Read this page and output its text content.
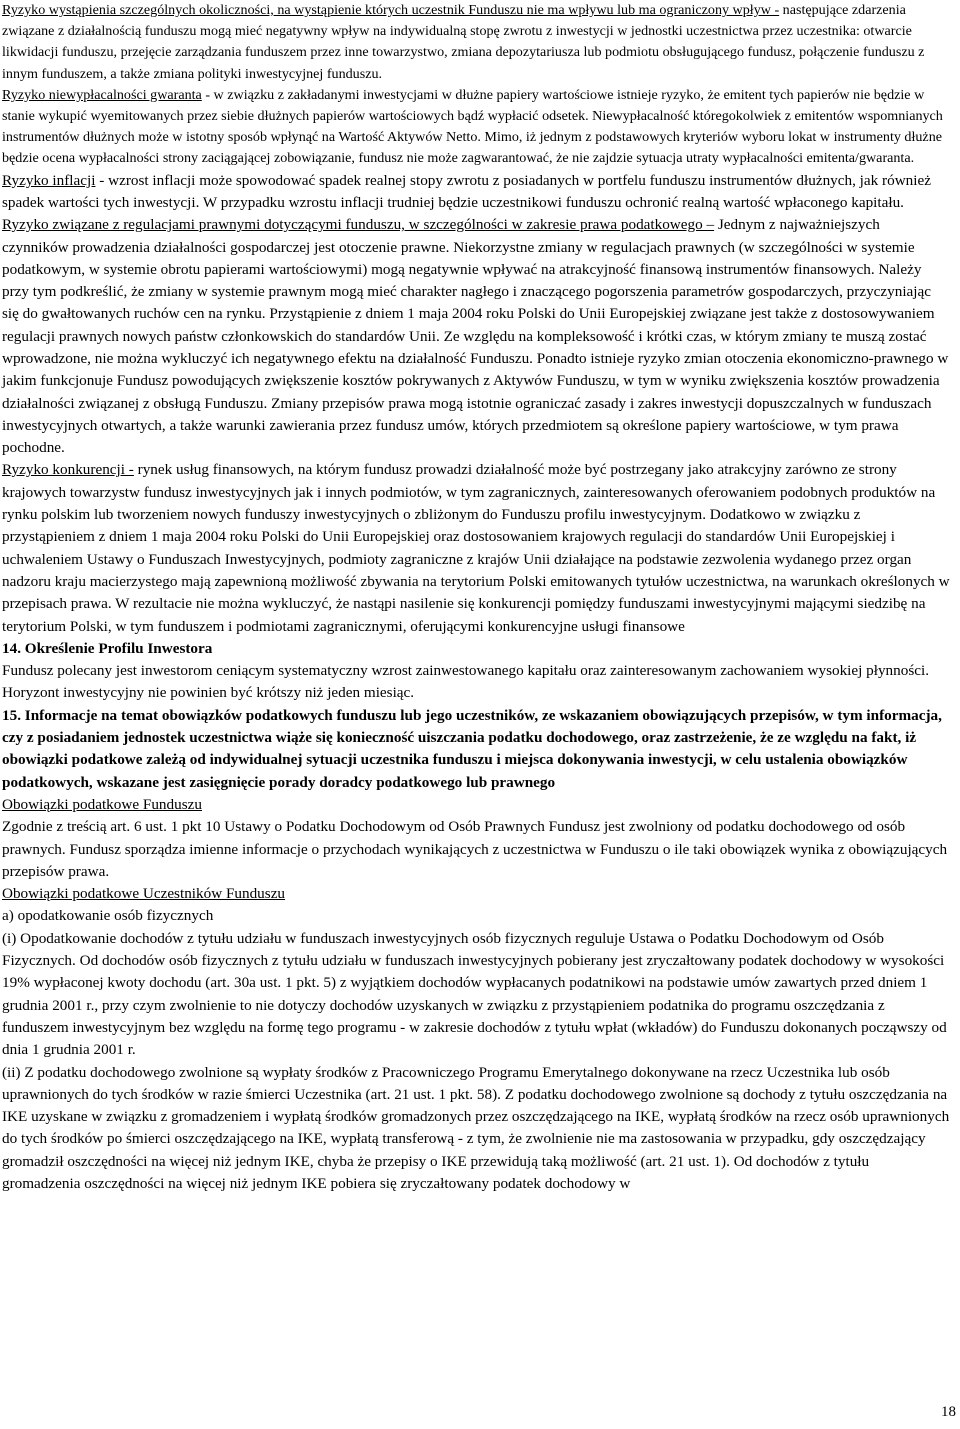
Ryzyko wystąpienia szczególnych okoliczności, na wystąpienie których uczestnik Funduszu nie ma wpływu lub ma ograniczony wpływ - następujące zdarzenia związane z działalnością funduszu mogą mieć negatywny wpływ na indywidualną stopę zwrotu z inwestycji w jednostki uczestnictwa przez uczestnika: otwarcie likwidacji funduszu, przejęcie zarządzania funduszem przez inne towarzystwo, zmiana depozytariusza lub podmiotu obsługującego fundusz, połączenie funduszu z innym funduszem, a także zmiana polityki inwestycyjnej funduszu.

Ryzyko niewypłacalności gwaranta - w związku z zakładanymi inwestycjami w dłużne papiery wartościowe istnieje ryzyko, że emitent tych papierów nie będzie w stanie wykupić wyemitowanych przez siebie dłużnych papierów wartościowych bądź wypłacić odsetek. Niewypłacalność któregokolwiek z emitentów wspomnianych instrumentów dłużnych może w istotny sposób wpłynąć na Wartość Aktywów Netto. Mimo, iż jednym z podstawowych kryteriów wyboru lokat w instrumenty dłużne będzie ocena wypłacalności strony zaciągającej zobowiązanie, fundusz nie może zagwarantować, że nie zajdzie sytuacja utraty wypłacalności emitenta/gwaranta.

Ryzyko inflacji - wzrost inflacji może spowodować spadek realnej stopy zwrotu z posiadanych w portfelu funduszu instrumentów dłużnych, jak również spadek wartości tych inwestycji. W przypadku wzrostu inflacji trudniej będzie uczestnikowi funduszu ochronić realną wartość wpłaconego kapitału.

Ryzyko związane z regulacjami prawnymi dotyczącymi funduszu, w szczególności w zakresie prawa podatkowego – Jednym z najważniejszych czynników prowadzenia działalności gospodarczej jest otoczenie prawne. Niekorzystne zmiany w regulacjach prawnych (w szczególności w systemie podatkowym, w systemie obrotu papierami wartościowymi) mogą negatywnie wpływać na atrakcyjność finansową instrumentów finansowych. Należy przy tym podkreślić, że zmiany w systemie prawnym mogą mieć charakter nagłego i znaczącego pogorszenia parametrów gospodarczych, przyczyniając się do gwałtowanych ruchów cen na rynku. Przystąpienie z dniem 1 maja 2004 roku Polski do Unii Europejskiej związane jest także z dostosowywaniem regulacji prawnych nowych państw członkowskich do standardów Unii. Ze względu na kompleksowość i krótki czas, w którym zmiany te muszą zostać wprowadzone, nie można wykluczyć ich negatywnego efektu na działalność Funduszu. Ponadto istnieje ryzyko zmian otoczenia ekonomiczno-prawnego w jakim funkcjonuje Fundusz powodujących zwiększenie kosztów pokrywanych z Aktywów Funduszu, w tym w wyniku zwiększenia kosztów prowadzenia działalności związanej z obsługą Funduszu. Zmiany przepisów prawa mogą istotnie ograniczać zasady i zakres inwestycji dopuszczalnych w funduszach inwestycyjnych otwartych, a także warunki zawierania przez fundusz umów, których przedmiotem są określone papiery wartościowe, w tym prawa pochodne.

Ryzyko konkurencji - rynek usług finansowych, na którym fundusz prowadzi działalność może być postrzegany jako atrakcyjny zarówno ze strony krajowych towarzystw fundusz inwestycyjnych jak i innych podmiotów, w tym zagranicznych, zainteresowanych oferowaniem podobnych produktów na rynku polskim lub tworzeniem nowych funduszy inwestycyjnych o zbliżonym do Funduszu profilu inwestycyjnym. Dodatkowo w związku z przystąpieniem z dniem 1 maja 2004 roku Polski do Unii Europejskiej oraz dostosowaniem krajowych regulacji do standardów Unii Europejskiej i uchwaleniem Ustawy o Funduszach Inwestycyjnych, podmioty zagraniczne z krajów Unii działające na podstawie zezwolenia wydanego przez organ nadzoru kraju macierzystego mają zapewnioną możliwość zbywania na terytorium Polski emitowanych tytułów uczestnictwa, na warunkach określonych w przepisach prawa. W rezultacie nie można wykluczyć, że nastąpi nasilenie się konkurencji pomiędzy funduszami inwestycyjnymi mającymi siedzibę na terytorium Polski, w tym funduszem i podmiotami zagranicznymi, oferującymi konkurencyjne usługi finansowe

14. Określenie Profilu Inwestora

Fundusz polecany jest inwestorom ceniącym systematyczny wzrost zainwestowanego kapitału oraz zainteresowanym zachowaniem wysokiej płynności. Horyzont inwestycyjny nie powinien być krótszy niż jeden miesiąc.

15. Informacje na temat obowiązków podatkowych funduszu lub jego uczestników, ze wskazaniem obowiązujących przepisów, w tym informacja, czy z posiadaniem jednostek uczestnictwa wiąże się konieczność uiszczania podatku dochodowego, oraz zastrzeżenie, że ze względu na fakt, iż obowiązki podatkowe zależą od indywidualnej sytuacji uczestnika funduszu i miejsca dokonywania inwestycji, w celu ustalenia obowiązków podatkowych, wskazane jest zasięgnięcie porady doradcy podatkowego lub prawnego

Obowiązki podatkowe Funduszu

Zgodnie z treścią art. 6 ust. 1 pkt 10 Ustawy o Podatku Dochodowym od Osób Prawnych Fundusz jest zwolniony od podatku dochodowego od osób prawnych. Fundusz sporządza imienne informacje o przychodach wynikających z uczestnictwa w Funduszu o ile taki obowiązek wynika z obowiązujących przepisów prawa.

Obowiązki podatkowe Uczestników Funduszu

a) opodatkowanie osób fizycznych

(i) Opodatkowanie dochodów z tytułu udziału w funduszach inwestycyjnych osób fizycznych reguluje Ustawa o Podatku Dochodowym od Osób Fizycznych. Od dochodów osób fizycznych z tytułu udziału w funduszach inwestycyjnych pobierany jest zryczałtowany podatek dochodowy w wysokości 19% wypłaconej kwoty dochodu (art. 30a ust. 1 pkt. 5) z wyjątkiem dochodów wypłacanych podatnikowi na podstawie umów zawartych przed dniem 1 grudnia 2001 r., przy czym zwolnienie to nie dotyczy dochodów uzyskanych w związku z przystąpieniem podatnika do programu oszczędzania z funduszem inwestycyjnym bez względu na formę tego programu - w zakresie dochodów z tytułu wpłat (wkładów) do Funduszu dokonanych począwszy od dnia 1 grudnia 2001 r.

(ii) Z podatku dochodowego zwolnione są wypłaty środków z Pracowniczego Programu Emerytalnego dokonywane na rzecz Uczestnika lub osób uprawnionych do tych środków w razie śmierci Uczestnika (art. 21 ust. 1 pkt. 58). Z podatku dochodowego zwolnione są dochody z tytułu oszczędzania na IKE uzyskane w związku z gromadzeniem i wypłatą środków gromadzonych przez oszczędzającego na IKE, wypłatą środków na rzecz osób uprawnionych do tych środków po śmierci oszczędzającego na IKE, wypłatą transferową - z tym, że zwolnienie nie ma zastosowania w przypadku, gdy oszczędzający gromadził oszczędności na więcej niż jednym IKE, chyba że przepisy o IKE przewidują taką możliwość (art. 21 ust. 1). Od dochodów z tytułu gromadzenia oszczędności na więcej niż jednym IKE pobiera się zryczałtowany podatek dochodowy w

18
